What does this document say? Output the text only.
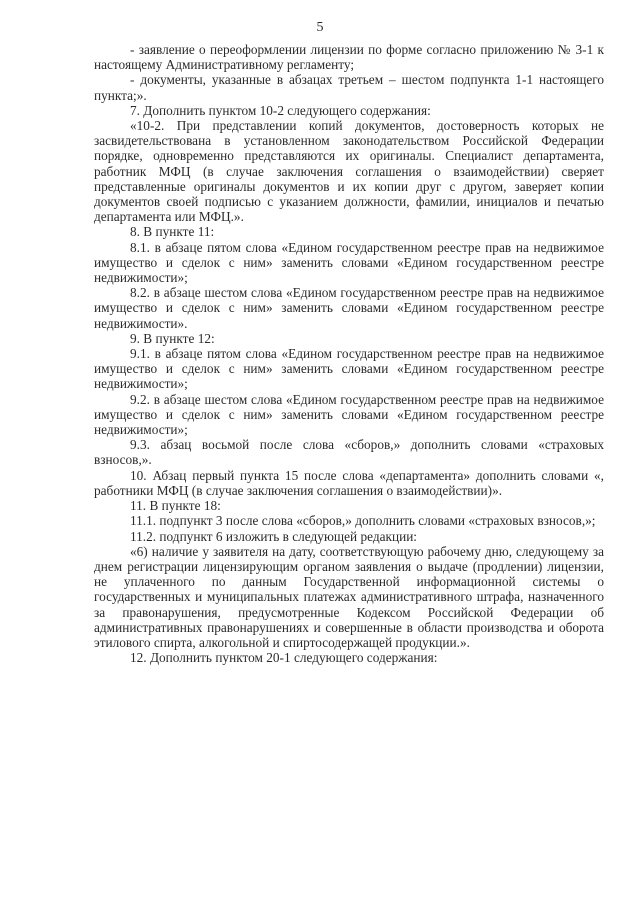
5

- заявление о переоформлении лицензии по форме согласно приложению № 3-1 к настоящему Административному регламенту;

- документы, указанные в абзацах третьем – шестом подпункта 1-1 настоящего пункта;».

7. Дополнить пунктом 10-2 следующего содержания:

«10-2. При представлении копий документов, достоверность которых не засвидетельствована в установленном законодательством Российской Федерации порядке, одновременно представляются их оригиналы. Специалист департамента, работник МФЦ (в случае заключения соглашения о взаимодействии) сверяет представленные оригиналы документов и их копии друг с другом, заверяет копии документов своей подписью с указанием должности, фамилии, инициалов и печатью департамента или МФЦ.».

8. В пункте 11:

8.1. в абзаце пятом слова «Едином государственном реестре прав на недвижимое имущество и сделок с ним» заменить словами «Едином государственном реестре недвижимости»;

8.2. в абзаце шестом слова «Едином государственном реестре прав на недвижимое имущество и сделок с ним» заменить словами «Едином государственном реестре недвижимости».

9. В пункте 12:

9.1. в абзаце пятом слова «Едином государственном реестре прав на недвижимое имущество и сделок с ним» заменить словами «Едином государственном реестре недвижимости»;

9.2. в абзаце шестом слова «Едином государственном реестре прав на недвижимое имущество и сделок с ним» заменить словами «Едином государственном реестре недвижимости»;

9.3. абзац восьмой после слова «сборов,» дополнить словами «страховых взносов,».

10. Абзац первый пункта 15 после слова «департамента» дополнить словами «, работники МФЦ (в случае заключения соглашения о взаимодействии)».

11. В пункте 18:

11.1. подпункт 3 после слова «сборов,» дополнить словами «страховых взносов,»;

11.2. подпункт 6 изложить в следующей редакции:

«6) наличие у заявителя на дату, соответствующую рабочему дню, следующему за днем регистрации лицензирующим органом заявления о выдаче (продлении) лицензии, не уплаченного по данным Государственной информационной системы о государственных и муниципальных платежах административного штрафа, назначенного за правонарушения, предусмотренные Кодексом Российской Федерации об административных правонарушениях и совершенные в области производства и оборота этилового спирта, алкогольной и спиртосодержащей продукции.».

12. Дополнить пунктом 20-1 следующего содержания:
